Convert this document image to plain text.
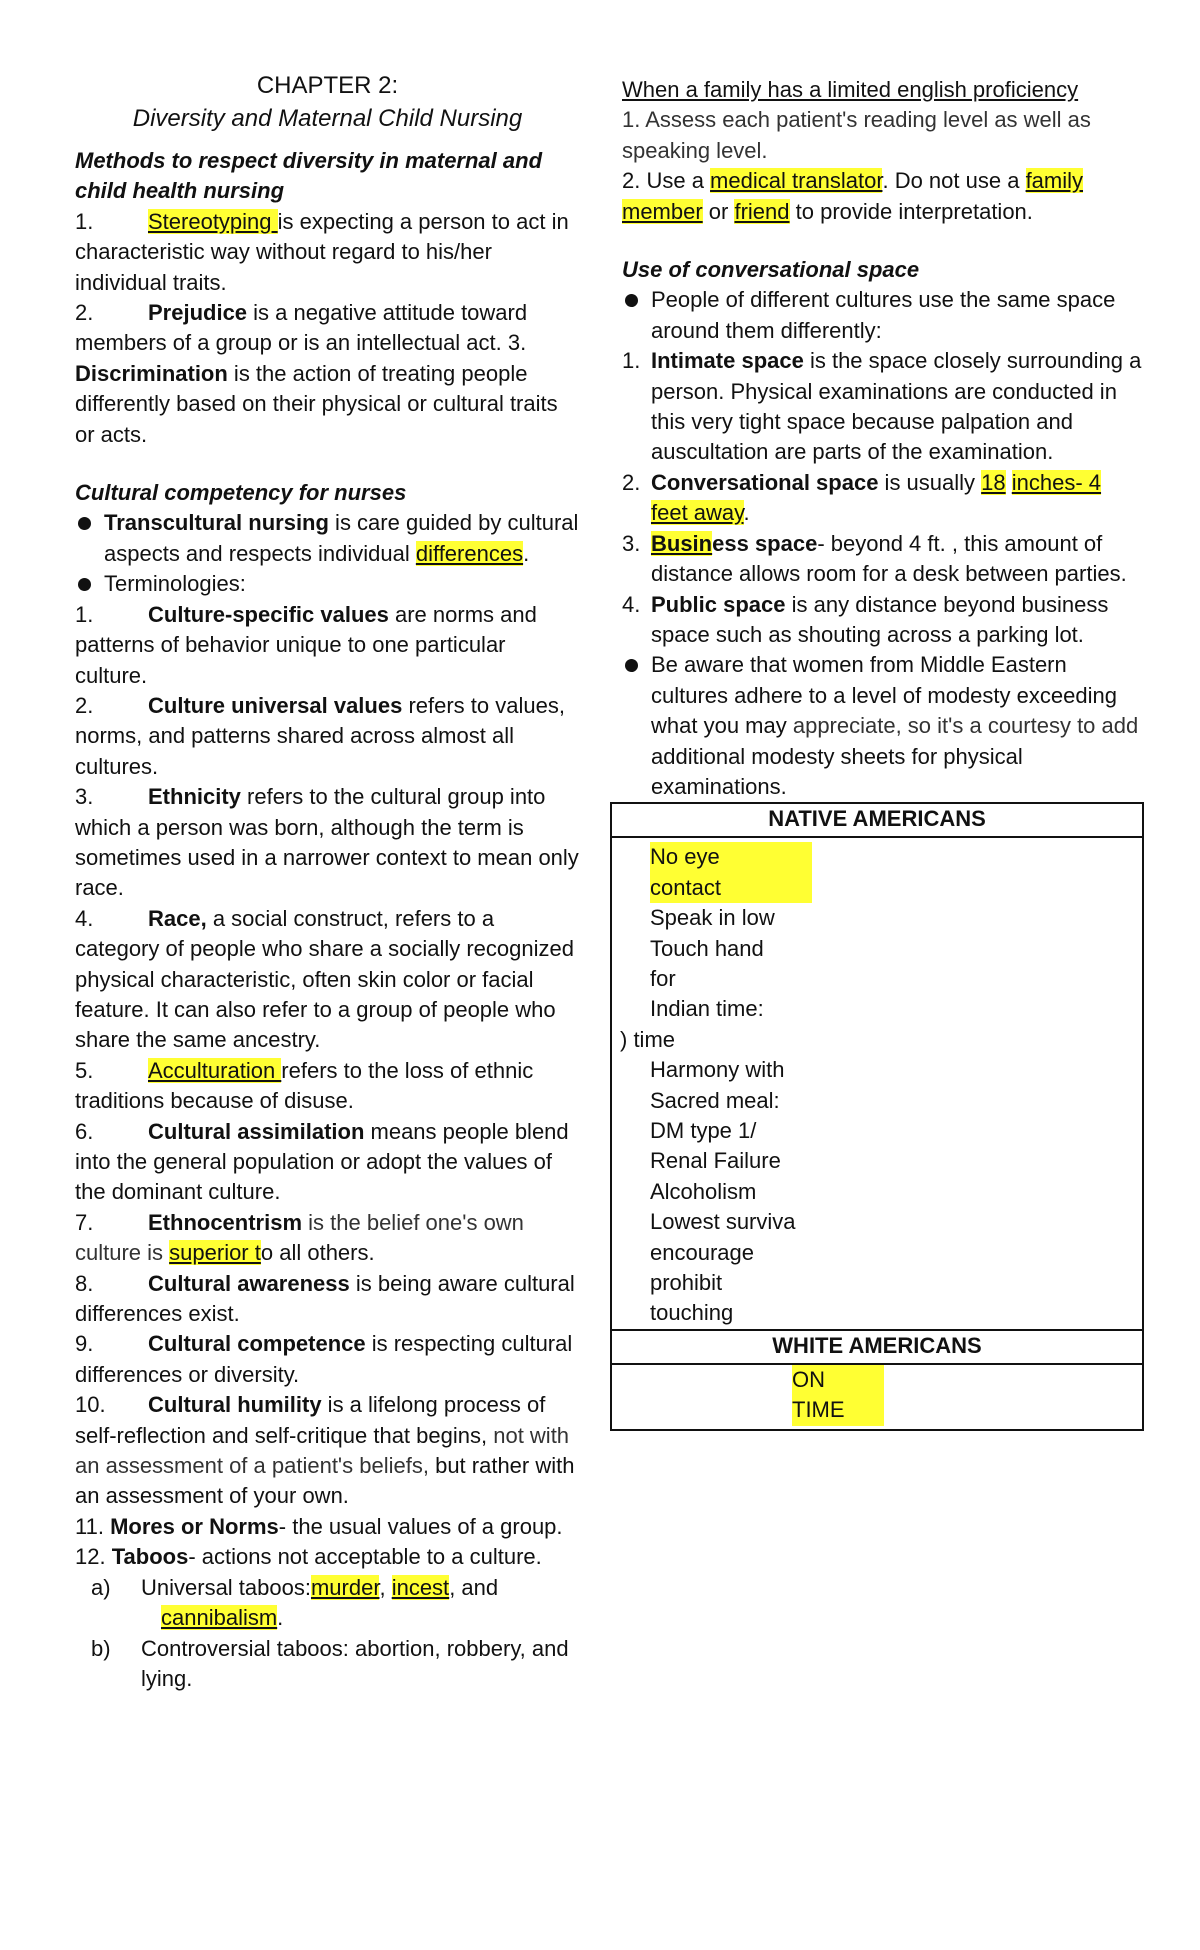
CHAPTER 2:

Diversity and Maternal Child Nursing

Methods to respect diversity in maternal and child health nursing

1. Stereotyping is expecting a person to act in characteristic way without regard to his/her individual traits.

2. Prejudice is a negative attitude toward members of a group or is an intellectual act. 3. Discrimination is the action of treating people differently based on their physical or cultural traits or acts.

Cultural competency for nurses

Transcultural nursing is care guided by cultural aspects and respects individual differences.

Terminologies:

1. Culture-specific values are norms and patterns of behavior unique to one particular culture.

2. Culture universal values refers to values, norms, and patterns shared across almost all cultures.

3. Ethnicity refers to the cultural group into which a person was born, although the term is sometimes used in a narrower context to mean only race.

4. Race, a social construct, refers to a category of people who share a socially recognized physical characteristic, often skin color or facial feature. It can also refer to a group of people who share the same ancestry.

5. Acculturation refers to the loss of ethnic traditions because of disuse.

6. Cultural assimilation means people blend into the general population or adopt the values of the dominant culture.

7. Ethnocentrism is the belief one's own culture is superior to all others.

8. Cultural awareness is being aware cultural differences exist.

9. Cultural competence is respecting cultural differences or diversity.

10. Cultural humility is a lifelong process of self-reflection and self-critique that begins, not with an assessment of a patient's beliefs, but rather with an assessment of your own.

11. Mores or Norms- the usual values of a group.

12. Taboos- actions not acceptable to a culture.

a) Universal taboos:murder, incest, and
cannibalism.

b) Controversial taboos: abortion, robbery, and lying.

When a family has a limited english proficiency

1. Assess each patient's reading level as well as speaking level.

2. Use a medical translator. Do not use a family member or friend to provide interpretation.

Use of conversational space

People of different cultures use the same space around them differently:

1. Intimate space is the space closely surrounding a person. Physical examinations are conducted in this very tight space because palpation and auscultation are parts of the examination.

2. Conversational space is usually 18 inches- 4 feet away.

3. Business space- beyond 4 ft. , this amount of distance allows room for a desk between parties.

4. Public space is any distance beyond business space such as shouting across a parking lot.

Be aware that women from Middle Eastern cultures adhere to a level of modesty exceeding what you may appreciate, so it's a courtesy to add additional modesty sheets for physical examinations.

NATIVE AMERICANS

No eye
contact
Speak in low
Touch hand
for
Indian time:
) time
Harmony with
Sacred meal:
DM type 1/
Renal Failure
Alcoholism
Lowest surviva
encourage
prohibit
touching

WHITE AMERICANS

ON
TIME
